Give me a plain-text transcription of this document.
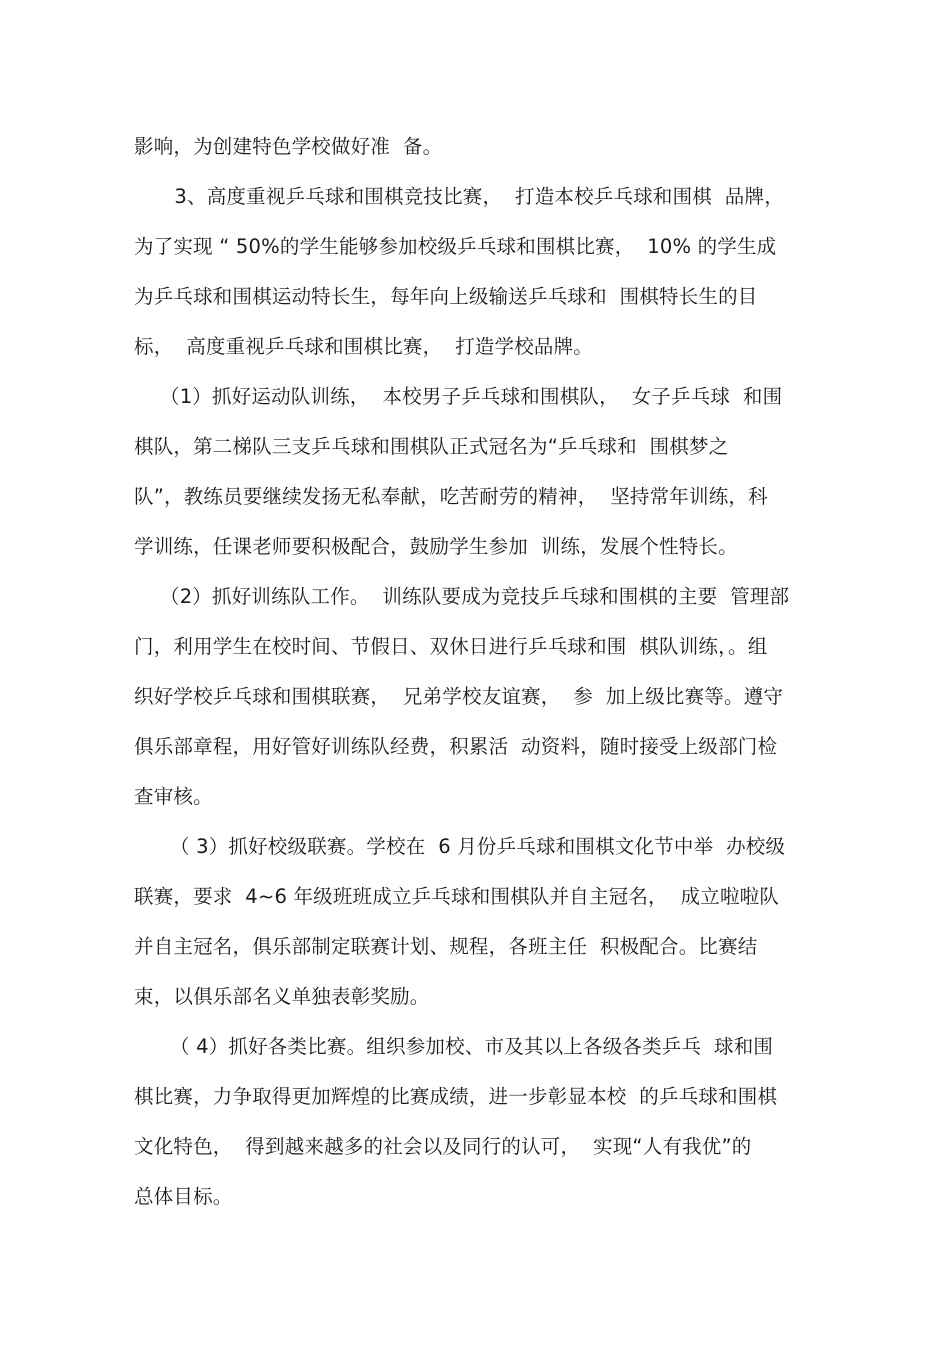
影响，为创建特色学校做好准  备。
3、高度重视乒乓球和围棋竞技比赛，  打造本校乒乓球和围棋  品牌，
为了实现 “ 50%的学生能够参加校级乒乓球和围棋比赛，  10% 的学生成
为乒乓球和围棋运动特长生，每年向上级输送乒乓球和  围棋特长生的目
标，  高度重视乒乓球和围棋比赛，  打造学校品牌。
（1）抓好运动队训练，  本校男子乒乓球和围棋队，  女子乒乓球  和围
棋队，第二梯队三支乒乓球和围棋队正式冠名为“乒乓球和  围棋梦之
队”，教练员要继续发扬无私奉献，吃苦耐劳的精神，  坚持常年训练，科
学训练，任课老师要积极配合，鼓励学生参加  训练，发展个性特长。
（2）抓好训练队工作。  训练队要成为竞技乒乓球和围棋的主要  管理部
门，利用学生在校时间、节假日、双休日进行乒乓球和围  棋队训练，。组
织好学校乒乓球和围棋联赛，  兄弟学校友谊赛，  参  加上级比赛等。遵守
俱乐部章程，用好管好训练队经费，积累活  动资料，随时接受上级部门检
查审核。
（ 3）抓好校级联赛。学校在  6 月份乒乓球和围棋文化节中举  办校级
联赛，要求  4~6 年级班班成立乒乓球和围棋队并自主冠名，  成立啦啦队
并自主冠名，俱乐部制定联赛计划、规程，各班主任  积极配合。比赛结
束，以俱乐部名义单独表彰奖励。
（ 4）抓好各类比赛。组织参加校、市及其以上各级各类乒乓  球和围
棋比赛，力争取得更加辉煌的比赛成绩，进一步彰显本校  的乒乓球和围棋
文化特色，  得到越来越多的社会以及同行的认可，  实现“人有我优”的
总体目标。
